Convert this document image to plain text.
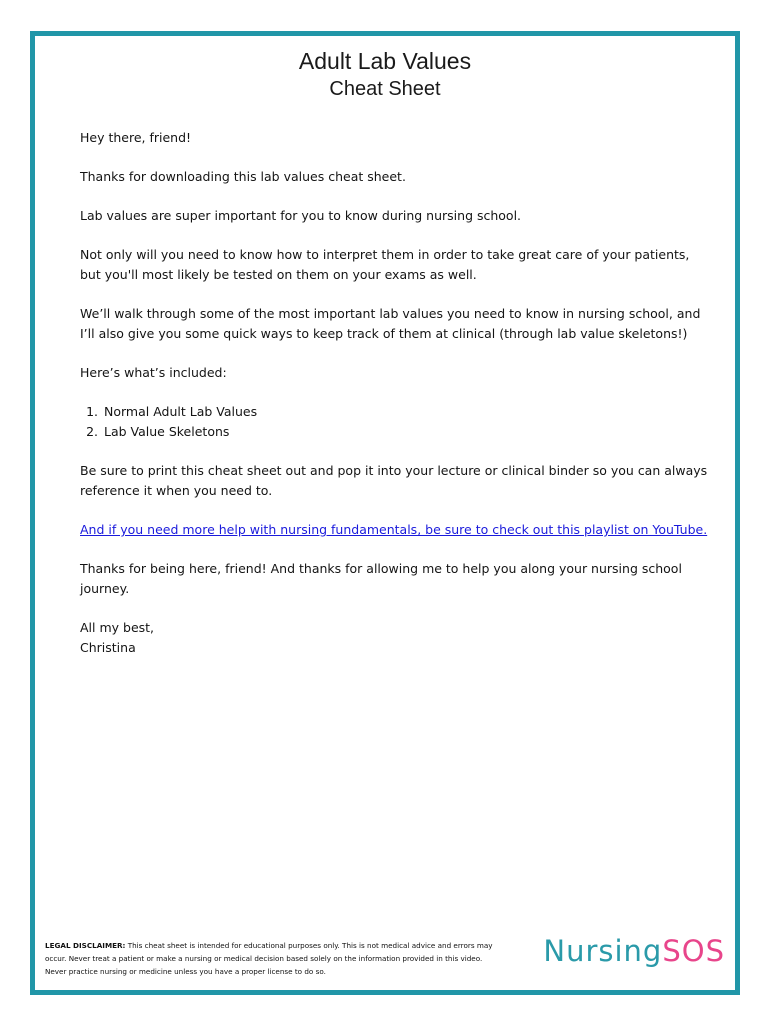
Adult Lab Values
Cheat Sheet

Hey there, friend!

Thanks for downloading this lab values cheat sheet.

Lab values are super important for you to know during nursing school.

Not only will you need to know how to interpret them in order to take great care of your patients, but you'll most likely be tested on them on your exams as well.

We’ll walk through some of the most important lab values you need to know in nursing school, and I’ll also give you some quick ways to keep track of them at clinical (through lab value skeletons!)

Here’s what’s included:

1. Normal Adult Lab Values
2. Lab Value Skeletons

Be sure to print this cheat sheet out and pop it into your lecture or clinical binder so you can always reference it when you need to.

And if you need more help with nursing fundamentals, be sure to check out this playlist on YouTube.

Thanks for being here, friend! And thanks for allowing me to help you along your nursing school journey.

All my best,

Christina

LEGAL DISCLAIMER: This cheat sheet is intended for educational purposes only. This is not medical advice and errors may occur. Never treat a patient or make a nursing or medical decision based solely on the information provided in this video. Never practice nursing or medicine unless you have a proper license to do so.
NursingSOS
